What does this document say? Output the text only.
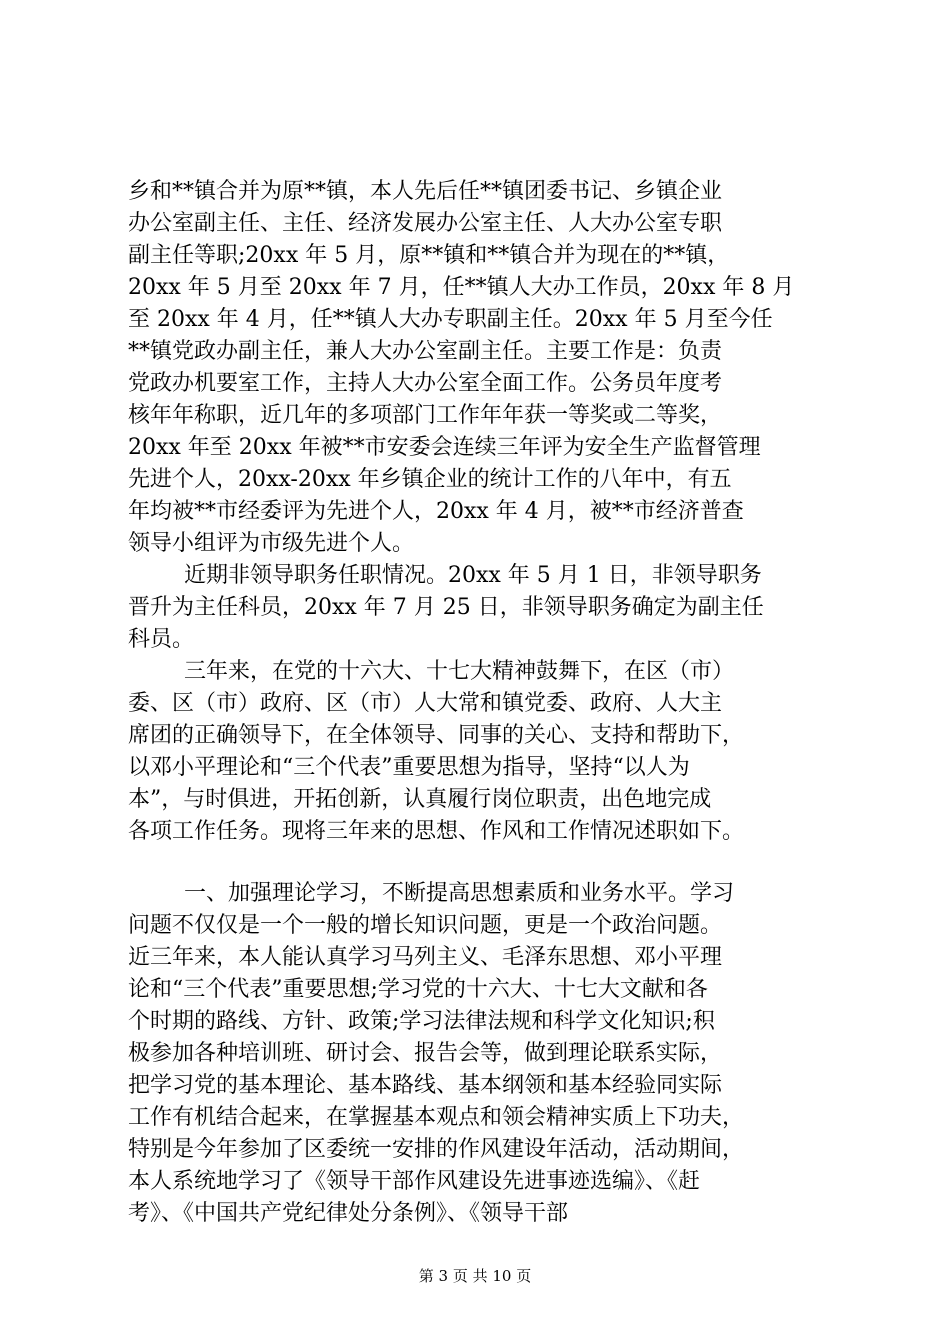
乡和**镇合并为原**镇，本人先后任**镇团委书记、乡镇企业
办公室副主任、主任、经济发展办公室主任、人大办公室专职
副主任等职;20xx 年 5 月，原**镇和**镇合并为现在的**镇，
20xx 年 5 月至 20xx 年 7 月，任**镇人大办工作员，20xx 年 8 月
至 20xx 年 4 月，任**镇人大办专职副主任。20xx 年 5 月至今任
**镇党政办副主任，兼人大办公室副主任。主要工作是：负责
党政办机要室工作，主持人大办公室全面工作。公务员年度考
核年年称职，近几年的多项部门工作年年获一等奖或二等奖，
20xx 年至 20xx 年被**市安委会连续三年评为安全生产监督管理
先进个人，20xx-20xx 年乡镇企业的统计工作的八年中，有五
年均被**市经委评为先进个人，20xx 年 4 月，被**市经济普查
领导小组评为市级先进个人。
近期非领导职务任职情况。20xx 年 5 月 1 日，非领导职务
晋升为主任科员，20xx 年 7 月 25 日，非领导职务确定为副主任
科员。
三年来，在党的十六大、十七大精神鼓舞下，在区（市）
委、区（市）政府、区（市）人大常和镇党委、政府、人大主
席团的正确领导下，在全体领导、同事的关心、支持和帮助下，
以邓小平理论和“三个代表”重要思想为指导，坚持“以人为
本”，与时俱进，开拓创新，认真履行岗位职责，出色地完成
各项工作任务。现将三年来的思想、作风和工作情况述职如下。
一、加强理论学习，不断提高思想素质和业务水平。学习
问题不仅仅是一个一般的增长知识问题，更是一个政治问题。
近三年来，本人能认真学习马列主义、毛泽东思想、邓小平理
论和“三个代表”重要思想;学习党的十六大、十七大文献和各
个时期的路线、方针、政策;学习法律法规和科学文化知识;积
极参加各种培训班、研讨会、报告会等，做到理论联系实际，
把学习党的基本理论、基本路线、基本纲领和基本经验同实际
工作有机结合起来，在掌握基本观点和领会精神实质上下功夫，
特别是今年参加了区委统一安排的作风建设年活动，活动期间，
本人系统地学习了《领导干部作风建设先进事迹选编》、《赶
考》、《中国共产党纪律处分条例》、《领导干部
第 3 页 共 10 页
